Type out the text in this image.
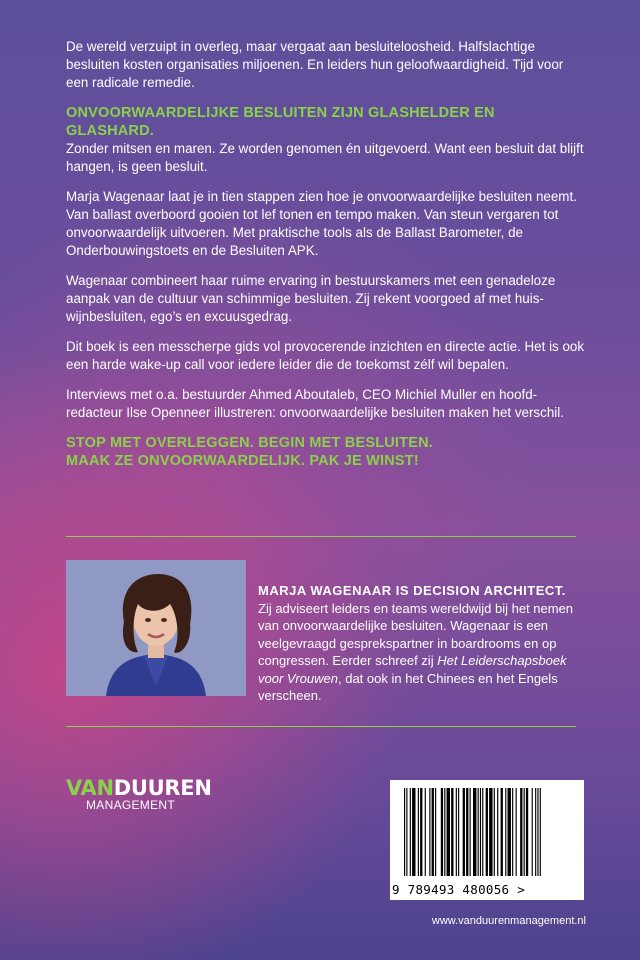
De wereld verzuipt in overleg, maar vergaat aan besluiteloosheid. Halfslachtige besluiten kosten organisaties miljoenen. En leiders hun geloofwaardigheid. Tijd voor een radicale remedie.

ONVOORWAARDELIJKE BESLUITEN ZIJN GLASHELDER EN GLASHARD.

Zonder mitsen en maren. Ze worden genomen én uitgevoerd. Want een besluit dat blijft hangen, is geen besluit.

Marja Wagenaar laat je in tien stappen zien hoe je onvoorwaardelijke besluiten neemt. Van ballast overboord gooien tot lef tonen en tempo maken. Van steun vergaren tot onvoorwaardelijk uitvoeren. Met praktische tools als de Ballast Barometer, de Onderbouwingstoets en de Besluiten APK.

Wagenaar combineert haar ruime ervaring in bestuurskamers met een genadeloze aanpak van de cultuur van schimmige besluiten. Zij rekent voorgoed af met huis-wijnbesluiten, ego’s en excuusgedrag.

Dit boek is een messcherpe gids vol provocerende inzichten en directe actie. Het is ook een harde wake-up call voor iedere leider die de toekomst zélf wil bepalen.

Interviews met o.a. bestuurder Ahmed Aboutaleb, CEO Michiel Muller en hoofd-redacteur Ilse Openneer illustreren: onvoorwaardelijke besluiten maken het verschil.

STOP MET OVERLEGGEN. BEGIN MET BESLUITEN.

MAAK ZE ONVOORWAARDELIJK. PAK JE WINST!

MARJA WAGENAAR IS DECISION ARCHITECT.

Zij adviseert leiders en teams wereldwijd bij het nemen van onvoorwaardelijke besluiten. Wagenaar is een veelgevraagd gesprekspartner in boardrooms en op congressen. Eerder schreef zij Het Leiderschapsboek voor Vrouwen, dat ook in het Chinees en het Engels verscheen.

VANDUUREN
MANAGEMENT
9 789493 480056 >
www.vanduurenmanagement.nl
